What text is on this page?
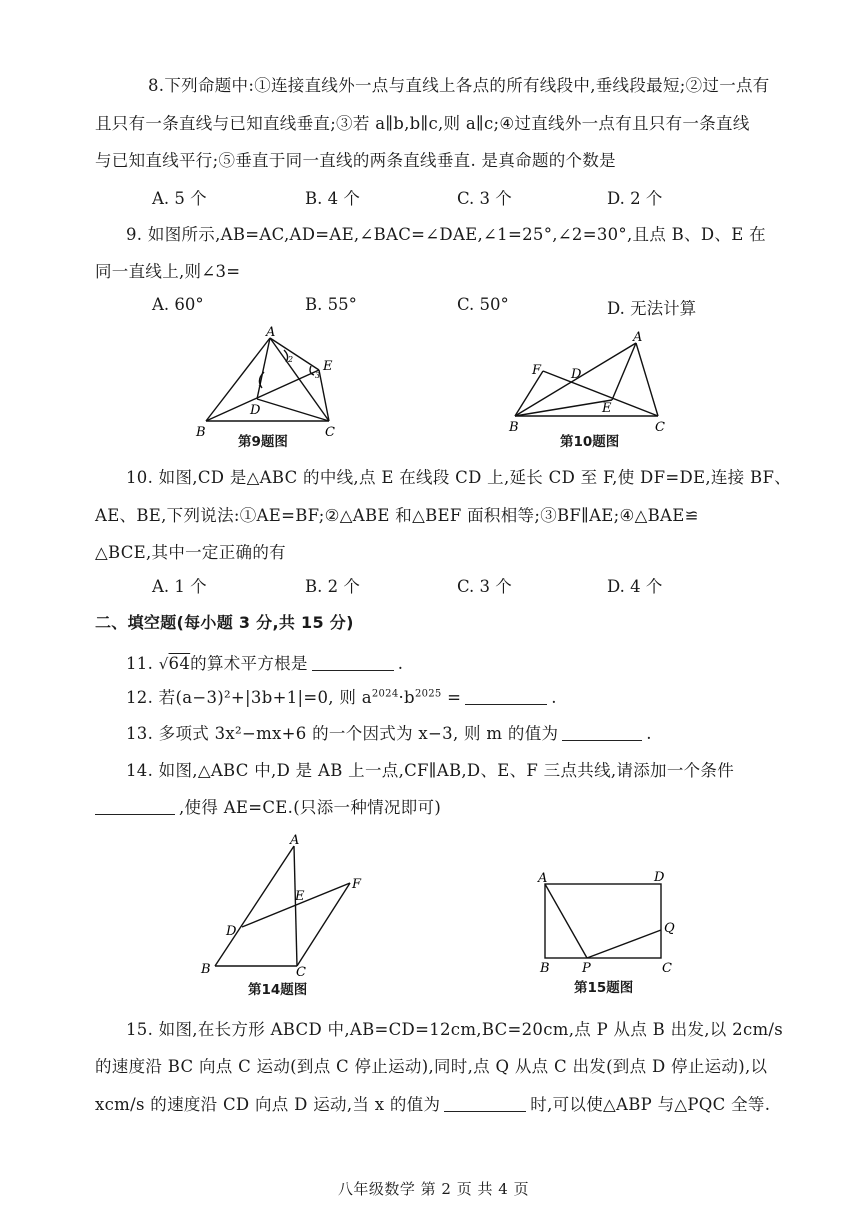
8.下列命题中:①连接直线外一点与直线上各点的所有线段中,垂线段最短;②过一点有
且只有一条直线与已知直线垂直;③若 a∥b,b∥c,则 a∥c;④过直线外一点有且只有一条直线
与已知直线平行;⑤垂直于同一直线的两条直线垂直. 是真命题的个数是
A. 5 个	B. 4 个	C. 3 个	D. 2 个
9. 如图所示,AB=AC,AD=AE,∠BAC=∠DAE,∠1=25°,∠2=30°,且点 B、D、E 在
同一直线上,则∠3=
A. 60°	B. 55°	C. 50°	D. 无法计算
A
B	C
D
E
1
2
3
第9题图
A
B	C
D
E
F
第10题图
10. 如图,CD 是△ABC 的中线,点 E 在线段 CD 上,延长 CD 至 F,使 DF=DE,连接 BF、
AE、BE,下列说法:①AE=BF;②△ABE 和△BEF 面积相等;③BF∥AE;④△BAE≌
△BCE,其中一定正确的有
A. 1 个	B. 2 个	C. 3 个	D. 4 个
二、填空题(每小题 3 分,共 15 分)
11. √64的算术平方根是	.
12. 若(a−3)²+|3b+1|=0, 则 $a^{2024}\cdot b^{2025}$ =	.
13. 多项式 3x²−mx+6 的一个因式为 x−3, 则 m 的值为	.
14. 如图,△ABC 中,D 是 AB 上一点,CF∥AB,D、E、F 三点共线,请添加一个条件
,使得 AE=CE.(只添一种情况即可)
A
B	C
D
E
F
第14题图
A
B	C
D
P
Q
第15题图
15. 如图,在长方形 ABCD 中,AB=CD=12cm,BC=20cm,点 P 从点 B 出发,以 2cm/s
的速度沿 BC 向点 C 运动(到点 C 停止运动),同时,点 Q 从点 C 出发(到点 D 停止运动),以
xcm/s 的速度沿 CD 向点 D 运动,当 x 的值为	时,可以使△ABP 与△PQC 全等.
八年级数学 第 2 页 共 4 页
